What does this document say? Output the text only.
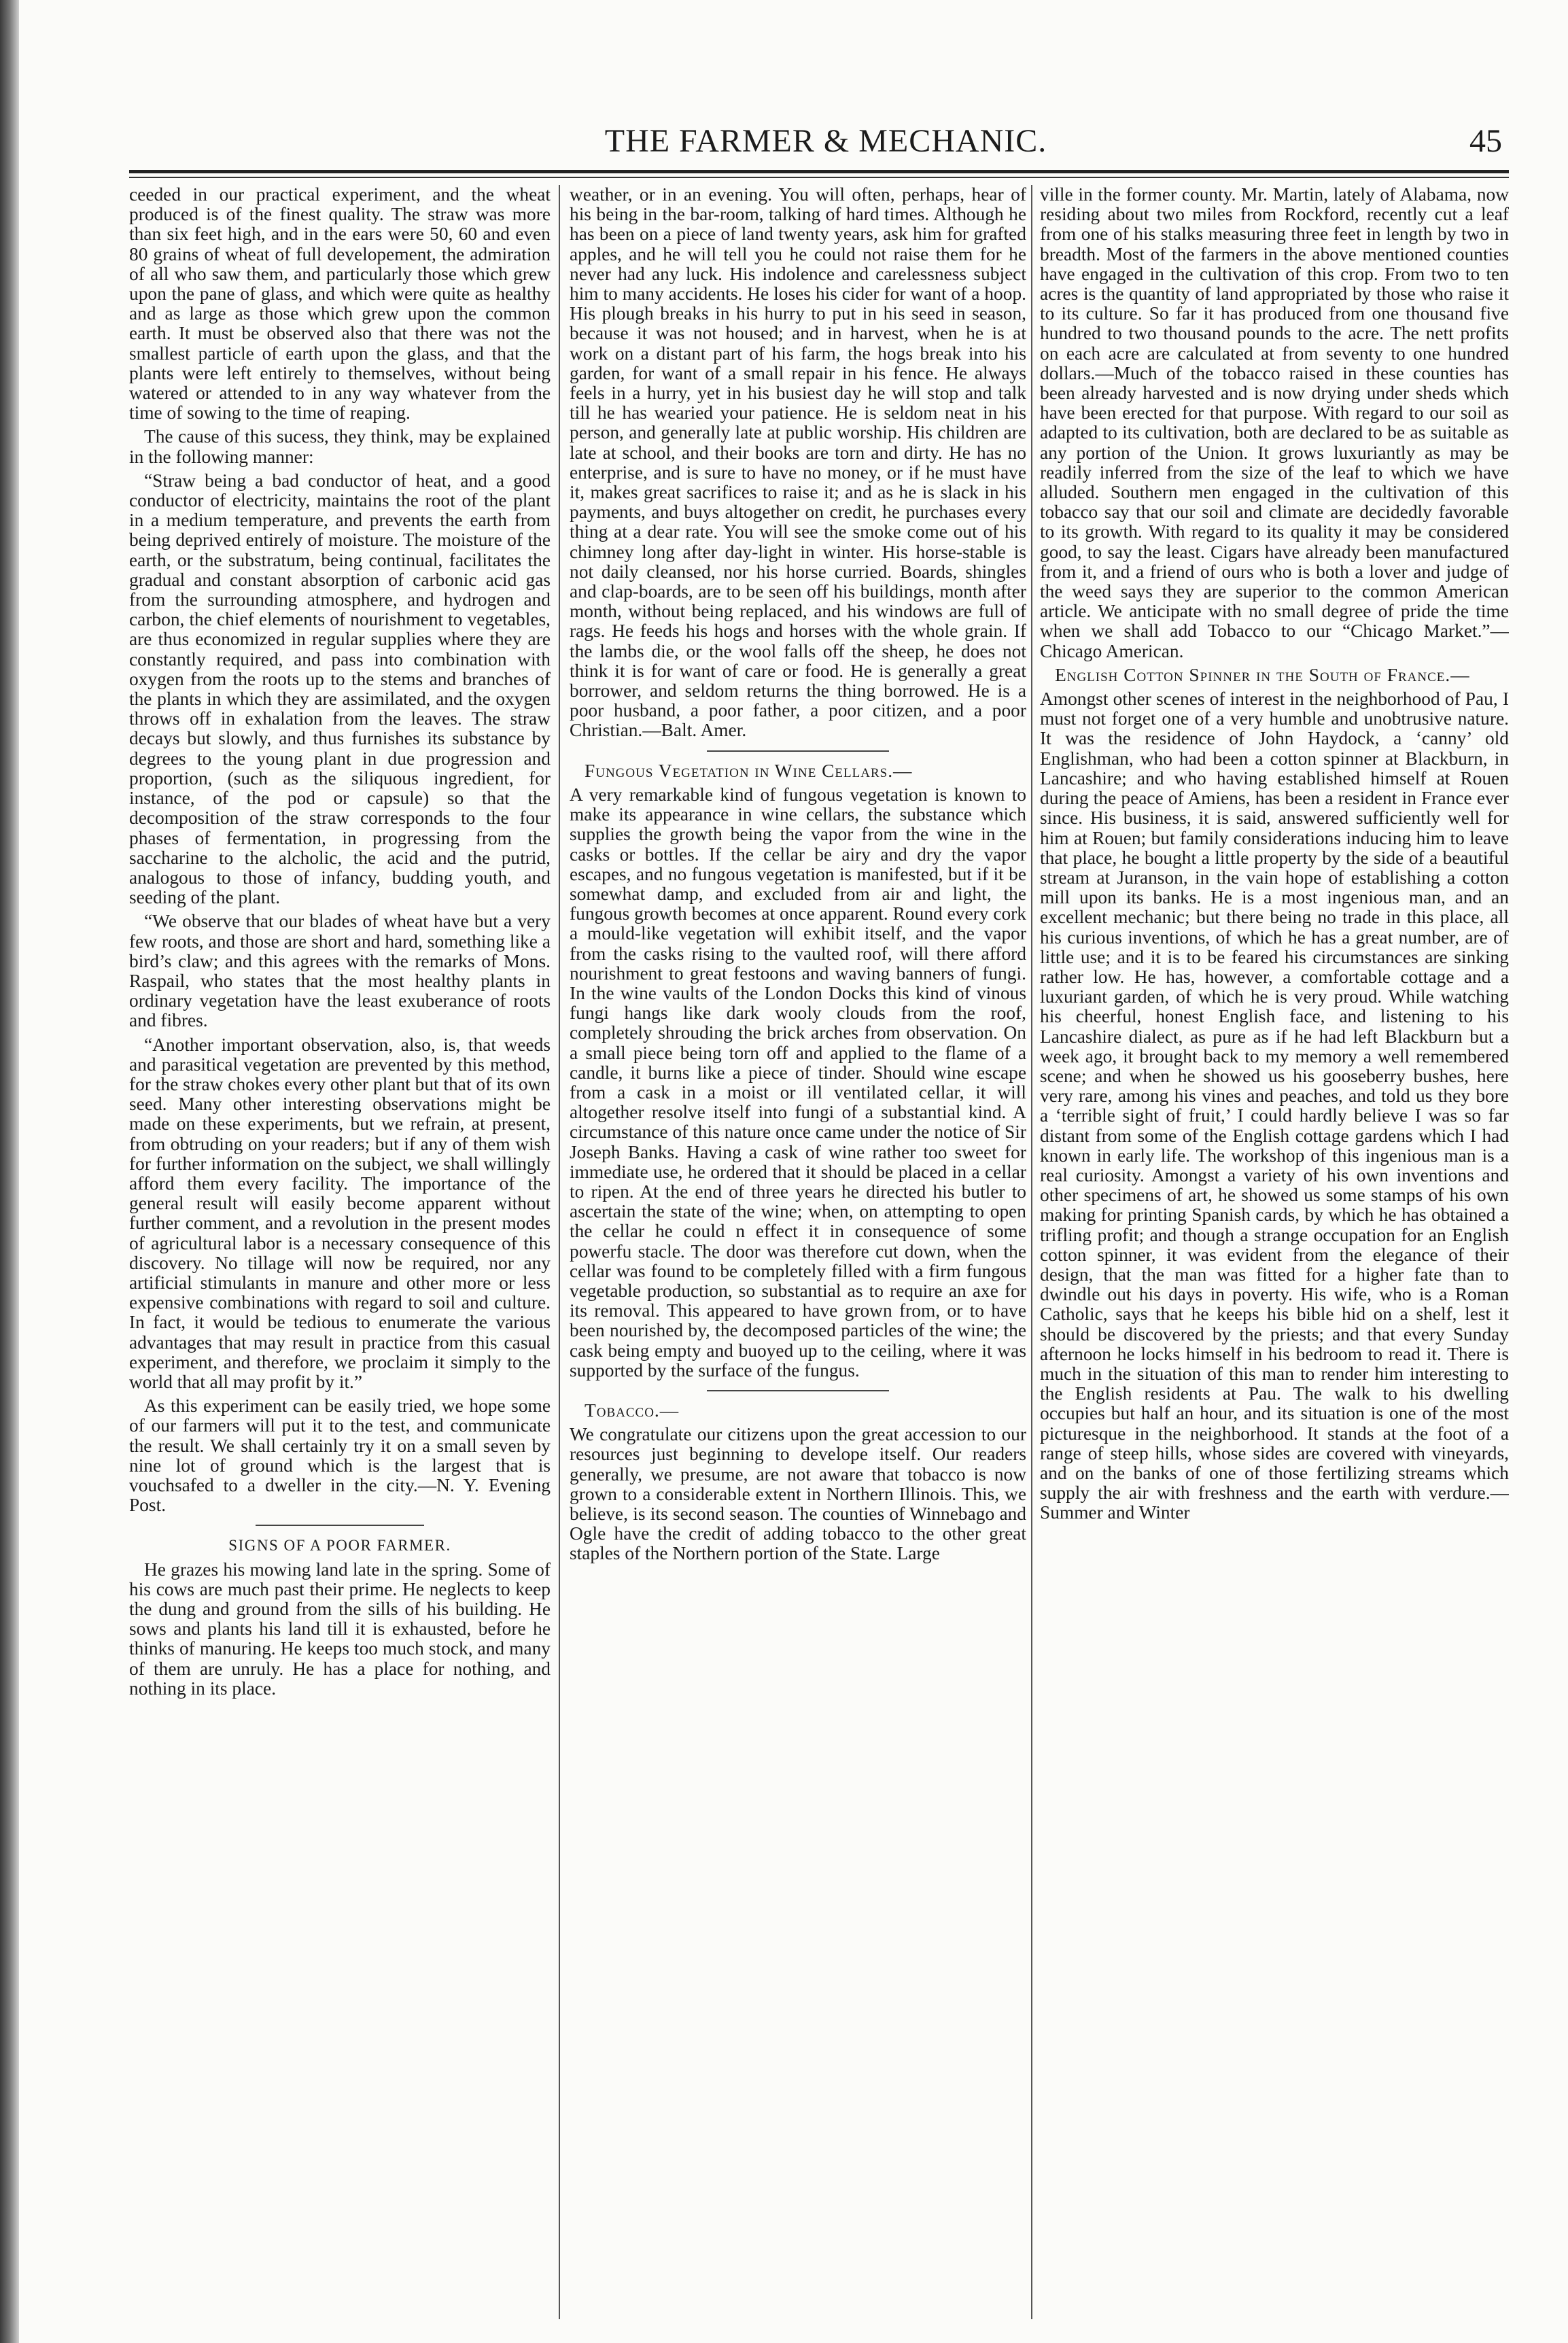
THE FARMER & MECHANIC.	45

ceeded in our practical experiment, and the wheat produced is of the finest quality. The straw was more than six feet high, and in the ears were 50, 60 and even 80 grains of wheat of full developement, the admiration of all who saw them, and particularly those which grew upon the pane of glass, and which were quite as healthy and as large as those which grew upon the common earth. It must be observed also that there was not the smallest particle of earth upon the glass, and that the plants were left entirely to themselves, without being watered or attended to in any way whatever from the time of sowing to the time of reaping.

The cause of this sucess, they think, may be explained in the following manner:

“Straw being a bad conductor of heat, and a good conductor of electricity, maintains the root of the plant in a medium temperature, and prevents the earth from being deprived entirely of moisture. The moisture of the earth, or the substratum, being continual, facilitates the gradual and constant absorption of carbonic acid gas from the surrounding atmosphere, and hydrogen and carbon, the chief elements of nourishment to vegetables, are thus economized in regular supplies where they are constantly required, and pass into combination with oxygen from the roots up to the stems and branches of the plants in which they are assimilated, and the oxygen throws off in exhalation from the leaves. The straw decays but slowly, and thus furnishes its substance by degrees to the young plant in due progression and proportion, (such as the siliquous ingredient, for instance, of the pod or capsule) so that the decomposition of the straw corresponds to the four phases of fermentation, in progressing from the saccharine to the alcholic, the acid and the putrid, analogous to those of infancy, budding youth, and seeding of the plant.

“We observe that our blades of wheat have but a very few roots, and those are short and hard, something like a bird’s claw; and this agrees with the remarks of Mons. Raspail, who states that the most healthy plants in ordinary vegetation have the least exuberance of roots and fibres.

“Another important observation, also, is, that weeds and parasitical vegetation are prevented by this method, for the straw chokes every other plant but that of its own seed. Many other interesting observations might be made on these experiments, but we refrain, at present, from obtruding on your readers; but if any of them wish for further information on the subject, we shall willingly afford them every facility. The importance of the general result will easily become apparent without further comment, and a revolution in the present modes of agricultural labor is a necessary consequence of this discovery. No tillage will now be required, nor any artificial stimulants in manure and other more or less expensive combinations with regard to soil and culture. In fact, it would be tedious to enumerate the various advantages that may result in practice from this casual experiment, and therefore, we proclaim it simply to the world that all may profit by it.”

As this experiment can be easily tried, we hope some of our farmers will put it to the test, and communicate the result. We shall certainly try it on a small seven by nine lot of ground which is the largest that is vouchsafed to a dweller in the city.—N. Y. Evening Post.

SIGNS OF A POOR FARMER.

He grazes his mowing land late in the spring. Some of his cows are much past their prime. He neglects to keep the dung and ground from the sills of his building. He sows and plants his land till it is exhausted, before he thinks of manuring. He keeps too much stock, and many of them are unruly. He has a place for nothing, and nothing in its place.

weather, or in an evening. You will often, perhaps, hear of his being in the bar-room, talking of hard times. Although he has been on a piece of land twenty years, ask him for grafted apples, and he will tell you he could not raise them for he never had any luck. His indolence and carelessness subject him to many accidents. He loses his cider for want of a hoop. His plough breaks in his hurry to put in his seed in season, because it was not housed; and in harvest, when he is at work on a distant part of his farm, the hogs break into his garden, for want of a small repair in his fence. He always feels in a hurry, yet in his busiest day he will stop and talk till he has wearied your patience. He is seldom neat in his person, and generally late at public worship. His children are late at school, and their books are torn and dirty. He has no enterprise, and is sure to have no money, or if he must have it, makes great sacrifices to raise it; and as he is slack in his payments, and buys altogether on credit, he purchases every thing at a dear rate. You will see the smoke come out of his chimney long after day-light in winter. His horse-stable is not daily cleansed, nor his horse curried. Boards, shingles and clap-boards, are to be seen off his buildings, month after month, without being replaced, and his windows are full of rags. He feeds his hogs and horses with the whole grain. If the lambs die, or the wool falls off the sheep, he does not think it is for want of care or food. He is generally a great borrower, and seldom returns the thing borrowed. He is a poor husband, a poor father, a poor citizen, and a poor Christian.—Balt. Amer.

Fungous Vegetation in Wine Cellars.—

A very remarkable kind of fungous vegetation is known to make its appearance in wine cellars, the substance which supplies the growth being the vapor from the wine in the casks or bottles. If the cellar be airy and dry the vapor escapes, and no fungous vegetation is manifested, but if it be somewhat damp, and excluded from air and light, the fungous growth becomes at once apparent. Round every cork a mould-like vegetation will exhibit itself, and the vapor from the casks rising to the vaulted roof, will there afford nourishment to great festoons and waving banners of fungi. In the wine vaults of the London Docks this kind of vinous fungi hangs like dark wooly clouds from the roof, completely shrouding the brick arches from observation. On a small piece being torn off and applied to the flame of a candle, it burns like a piece of tinder. Should wine escape from a cask in a moist or ill ventilated cellar, it will altogether resolve itself into fungi of a substantial kind. A circumstance of this nature once came under the notice of Sir Joseph Banks. Having a cask of wine rather too sweet for immediate use, he ordered that it should be placed in a cellar to ripen. At the end of three years he directed his butler to ascertain the state of the wine; when, on attempting to open the cellar he could n effect it in consequence of some powerfu stacle. The door was therefore cut down, when the cellar was found to be completely filled with a firm fungous vegetable production, so substantial as to require an axe for its removal. This appeared to have grown from, or to have been nourished by, the decomposed particles of the wine; the cask being empty and buoyed up to the ceiling, where it was supported by the surface of the fungus.

Tobacco.—

We congratulate our citizens upon the great accession to our resources just beginning to develope itself. Our readers generally, we presume, are not aware that tobacco is now grown to a considerable extent in Northern Illinois. This, we believe, is its second season. The counties of Winnebago and Ogle have the credit of adding tobacco to the other great staples of the Northern portion of the State. Large

ville in the former county. Mr. Martin, lately of Alabama, now residing about two miles from Rockford, recently cut a leaf from one of his stalks measuring three feet in length by two in breadth. Most of the farmers in the above mentioned counties have engaged in the cultivation of this crop. From two to ten acres is the quantity of land appropriated by those who raise it to its culture. So far it has produced from one thousand five hundred to two thousand pounds to the acre. The nett profits on each acre are calculated at from seventy to one hundred dollars.—Much of the tobacco raised in these counties has been already harvested and is now drying under sheds which have been erected for that purpose. With regard to our soil as adapted to its cultivation, both are declared to be as suitable as any portion of the Union. It grows luxuriantly as may be readily inferred from the size of the leaf to which we have alluded. Southern men engaged in the cultivation of this tobacco say that our soil and climate are decidedly favorable to its growth. With regard to its quality it may be considered good, to say the least. Cigars have already been manufactured from it, and a friend of ours who is both a lover and judge of the weed says they are superior to the common American article. We anticipate with no small degree of pride the time when we shall add Tobacco to our “Chicago Market.”—Chicago American.

English Cotton Spinner in the South of France.—

Amongst other scenes of interest in the neighborhood of Pau, I must not forget one of a very humble and unobtrusive nature. It was the residence of John Haydock, a ‘canny’ old Englishman, who had been a cotton spinner at Blackburn, in Lancashire; and who having established himself at Rouen during the peace of Amiens, has been a resident in France ever since. His business, it is said, answered sufficiently well for him at Rouen; but family considerations inducing him to leave that place, he bought a little property by the side of a beautiful stream at Juranson, in the vain hope of establishing a cotton mill upon its banks. He is a most ingenious man, and an excellent mechanic; but there being no trade in this place, all his curious inventions, of which he has a great number, are of little use; and it is to be feared his circumstances are sinking rather low. He has, however, a comfortable cottage and a luxuriant garden, of which he is very proud. While watching his cheerful, honest English face, and listening to his Lancashire dialect, as pure as if he had left Blackburn but a week ago, it brought back to my memory a well remembered scene; and when he showed us his gooseberry bushes, here very rare, among his vines and peaches, and told us they bore a ‘terrible sight of fruit,’ I could hardly believe I was so far distant from some of the English cottage gardens which I had known in early life. The workshop of this ingenious man is a real curiosity. Amongst a variety of his own inventions and other specimens of art, he showed us some stamps of his own making for printing Spanish cards, by which he has obtained a trifling profit; and though a strange occupation for an English cotton spinner, it was evident from the elegance of their design, that the man was fitted for a higher fate than to dwindle out his days in poverty. His wife, who is a Roman Catholic, says that he keeps his bible hid on a shelf, lest it should be discovered by the priests; and that every Sunday afternoon he locks himself in his bedroom to read it. There is much in the situation of this man to render him interesting to the English residents at Pau. The walk to his dwelling occupies but half an hour, and its situation is one of the most picturesque in the neighborhood. It stands at the foot of a range of steep hills, whose sides are covered with vineyards, and on the banks of one of those fertilizing streams which supply the air with freshness and the earth with verdure.—Summer and Winter
